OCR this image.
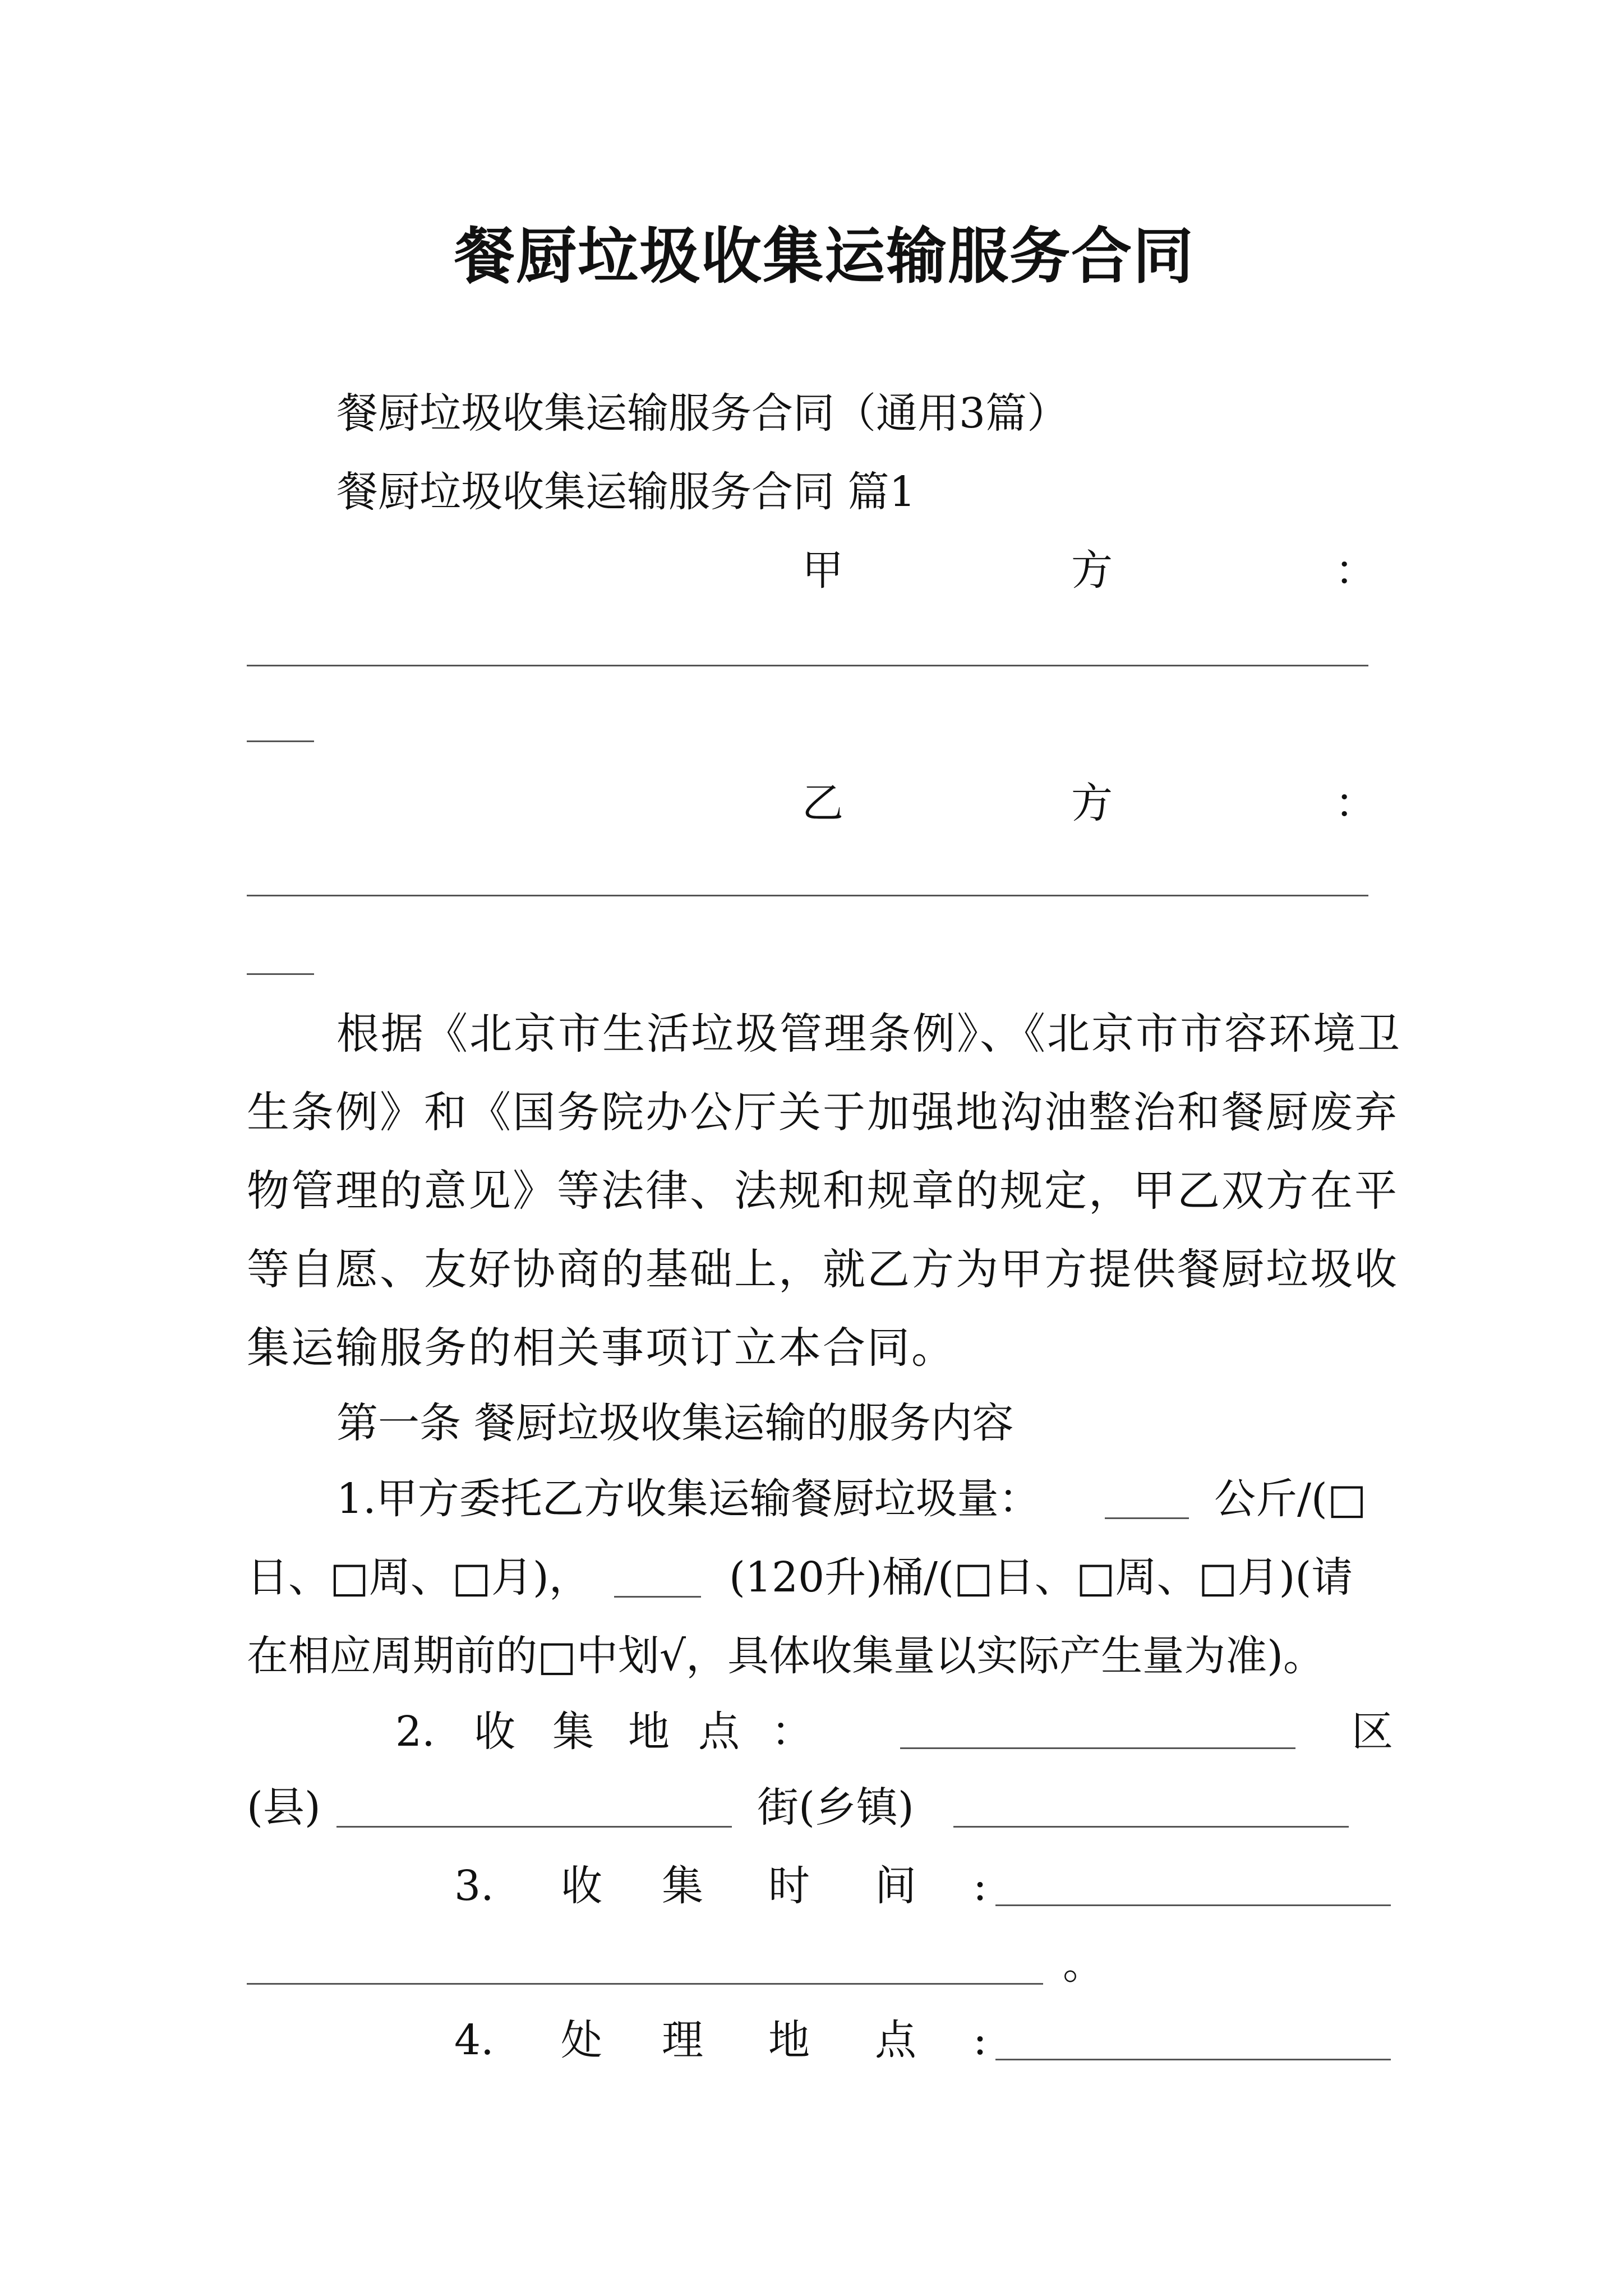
餐厨垃圾收集运输服务合同
餐厨垃圾收集运输服务合同（通用3篇）
餐厨垃圾收集运输服务合同 篇1
甲	方	：
乙	方	：
根据《北京市生活垃圾管理条例》、《北京市市容环境卫
生条例》和《国务院办公厅关于加强地沟油整治和餐厨废弃
物管理的意见》等法律、法规和规章的规定，甲乙双方在平
等自愿、友好协商的基础上，就乙方为甲方提供餐厨垃圾收
集运输服务的相关事项订立本合同。
第一条 餐厨垃圾收集运输的服务内容
1.甲方委托乙方收集运输餐厨垃圾量：	公斤/(□
日、□周、□月)，	(120升)桶/(□日、□周、□月)(请
在相应周期前的□中划√，具体收集量以实际产生量为准)。
2. 收 集 地 点 ：	区
(县)	街(乡镇)
3. 收 集 时 间 :
。
4. 处 理 地 点 :
